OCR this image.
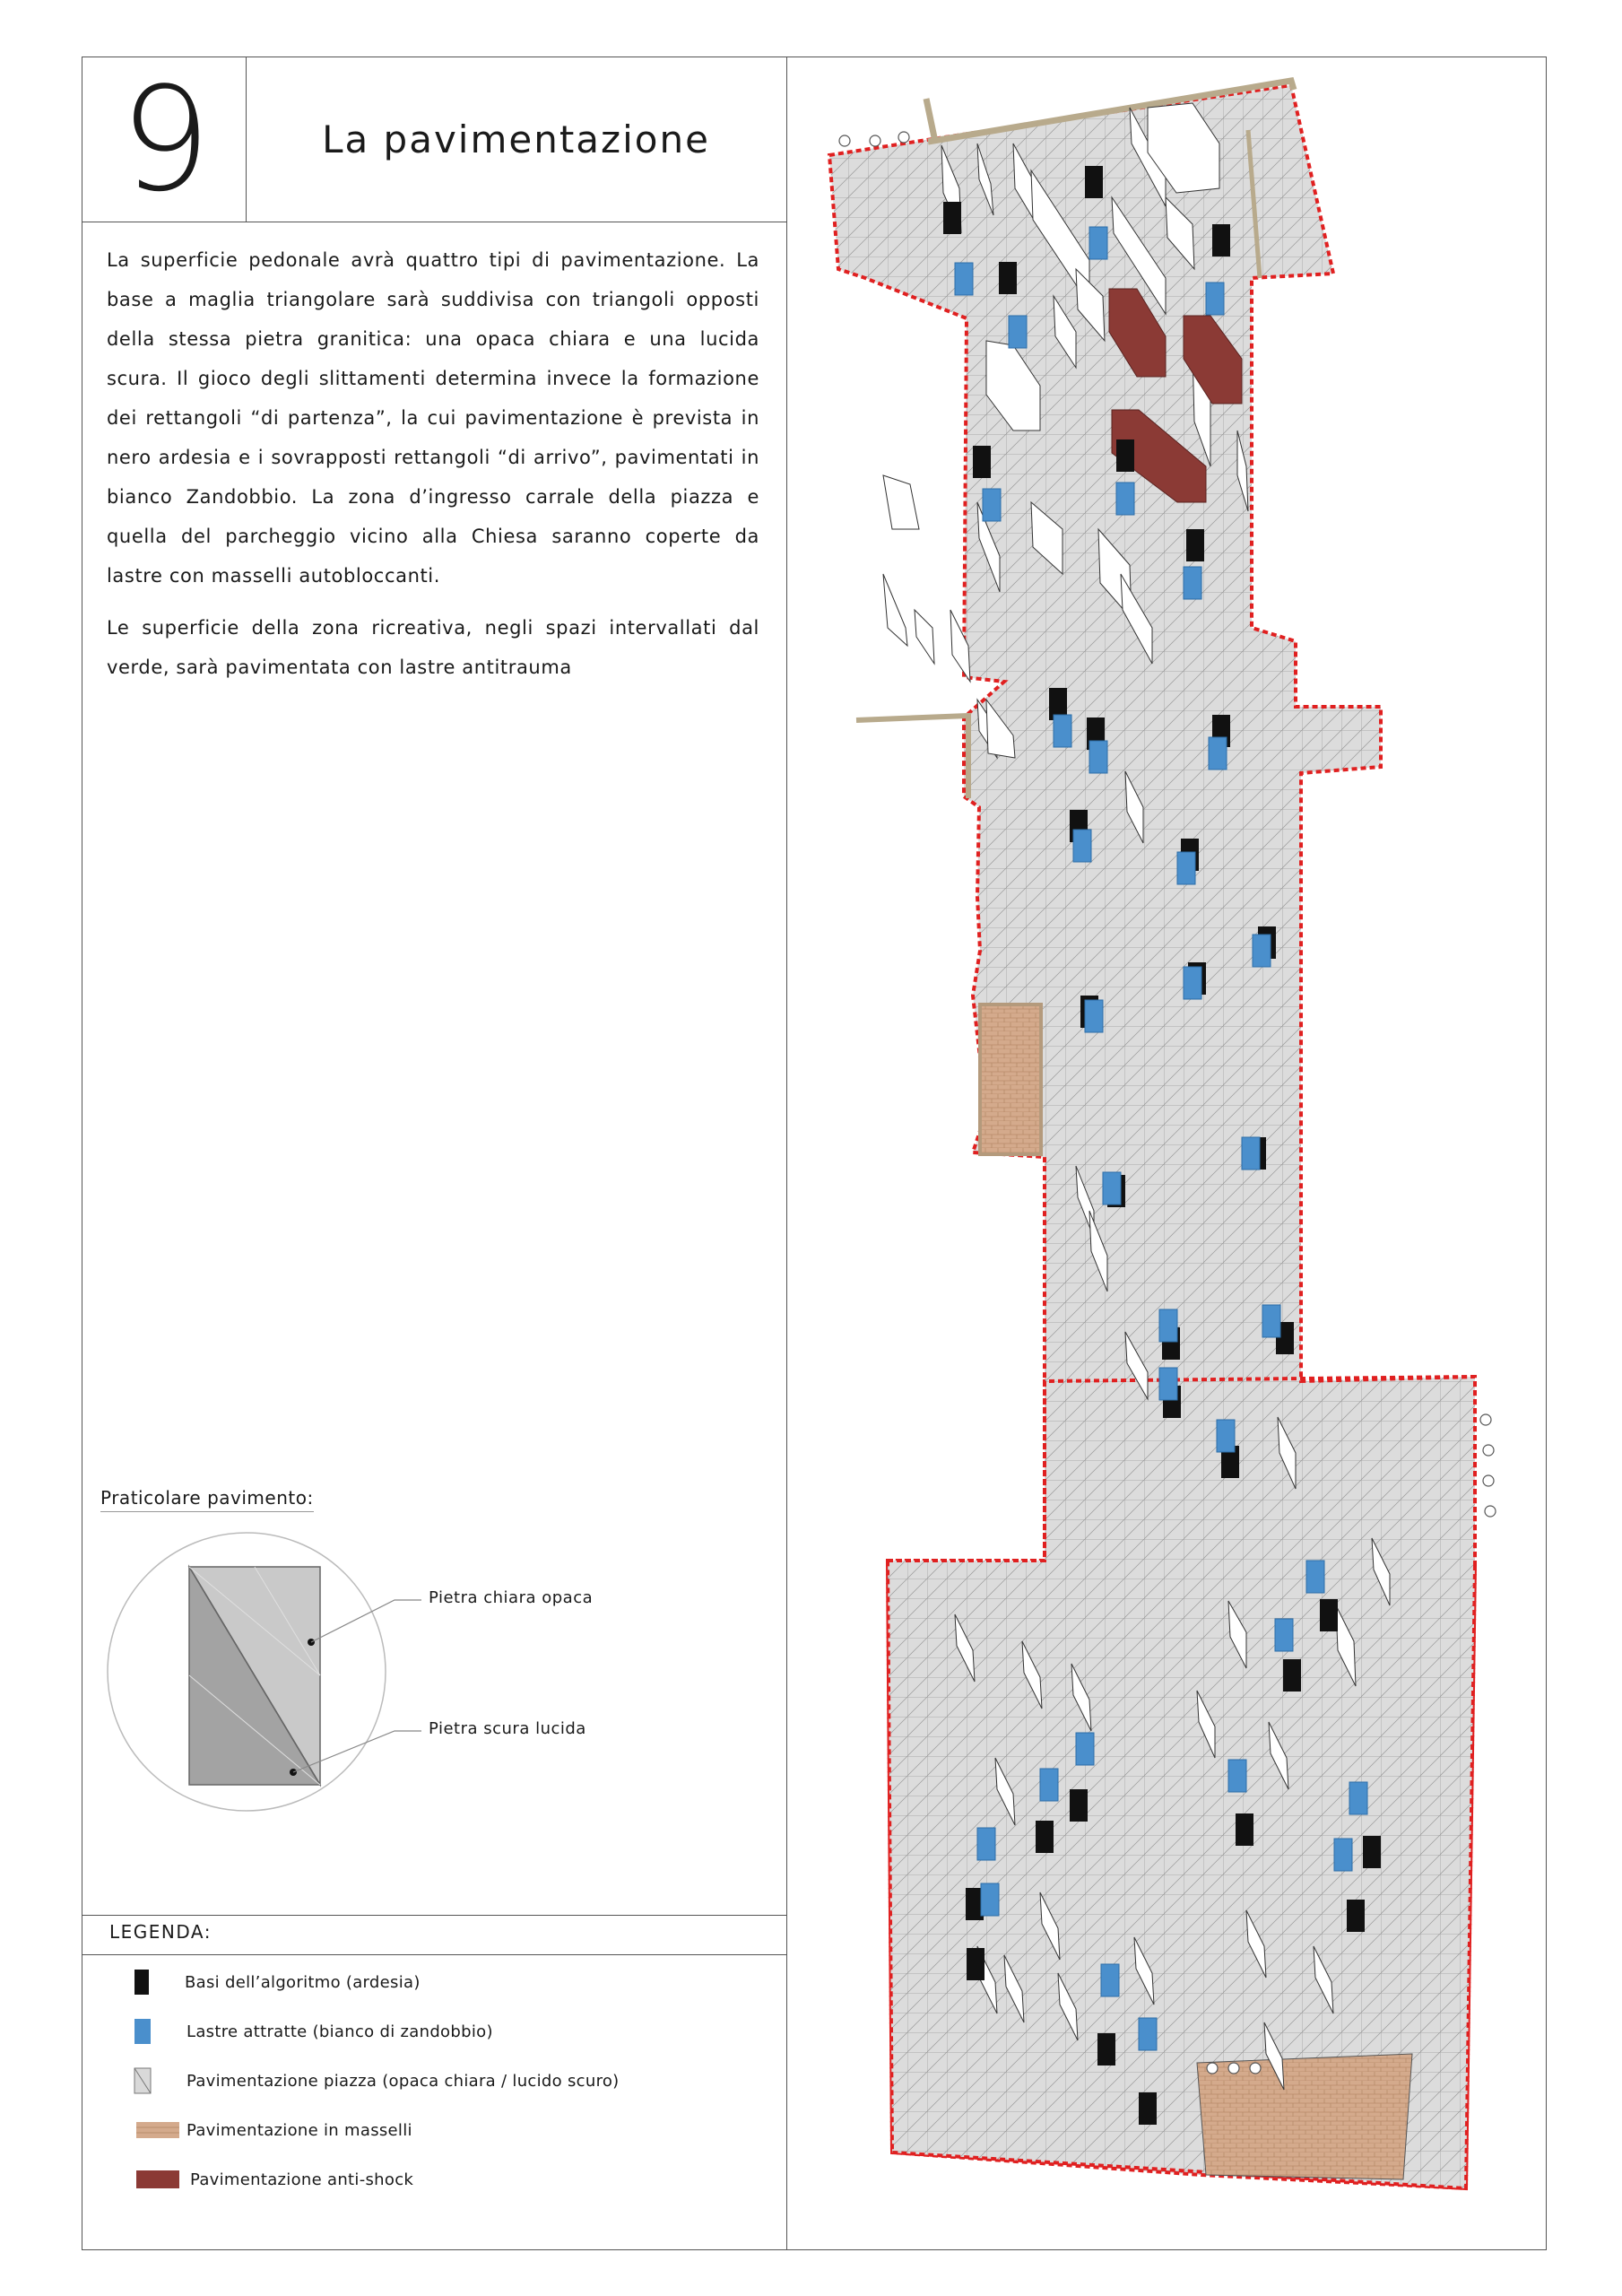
9	La pavimentazione

La superficie pedonale avrà quattro tipi di pavimentazione. La base a maglia triangolare sarà suddivisa con triangoli opposti della stessa pietra granitica: una opaca chiara e una lucida scura. Il gioco degli slittamenti determina invece la formazione dei rettangoli “di partenza”, la cui pavimentazione è prevista in nero ardesia e i sovrapposti rettangoli “di arrivo”, pavimentati in bianco Zandobbio. La zona d’ingresso carrale della piazza e quella del parcheggio vicino alla Chiesa saranno coperte da lastre con masselli autobloccanti.

Le superficie della zona ricreativa, negli spazi intervallati dal verde, sarà pavimentata con lastre antitrauma

Praticolare pavimento:
Pietra chiara opaca
Pietra scura lucida
LEGENDA:
Basi dell’algoritmo (ardesia)
Lastre attratte (bianco di zandobbio)
Pavimentazione piazza (opaca chiara / lucido scuro)
Pavimentazione in masselli
Pavimentazione anti-shock
